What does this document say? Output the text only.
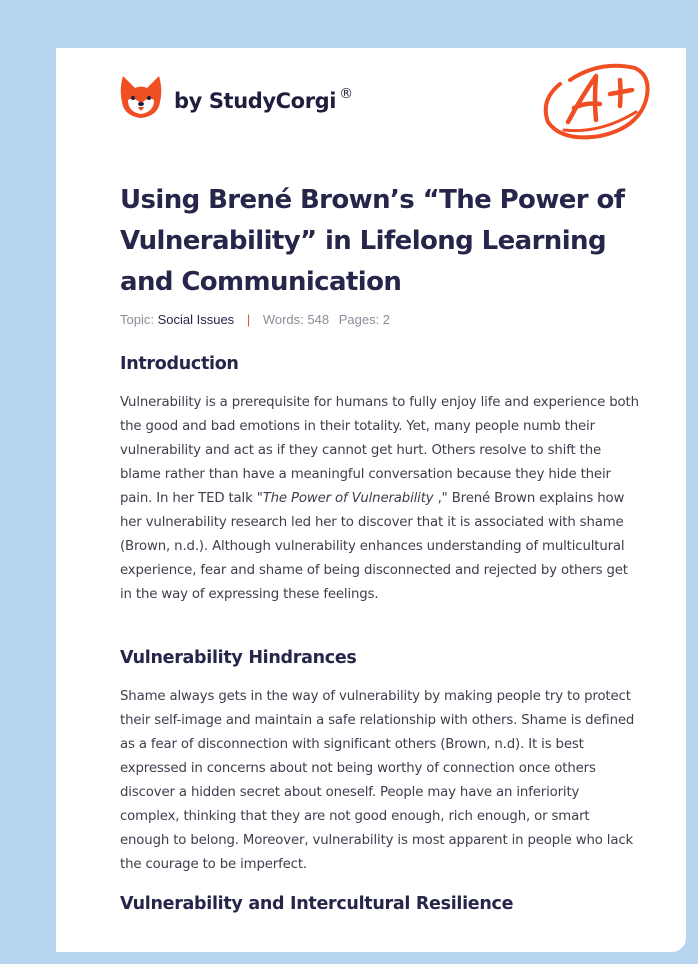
by StudyCorgi ®
Using Brené Brown’s “The Power of Vulnerability” in Lifelong Learning and Communication
Topic: Social Issues | Words: 548 Pages: 2
Introduction

Vulnerability is a prerequisite for humans to fully enjoy life and experience both the good and bad emotions in their totality. Yet, many people numb their vulnerability and act as if they cannot get hurt. Others resolve to shift the blame rather than have a meaningful conversation because they hide their pain. In her TED talk "The Power of Vulnerability ," Brené Brown explains how her vulnerability research led her to discover that it is associated with shame (Brown, n.d.). Although vulnerability enhances understanding of multicultural experience, fear and shame of being disconnected and rejected by others get in the way of expressing these feelings.

Vulnerability Hindrances

Shame always gets in the way of vulnerability by making people try to protect their self-image and maintain a safe relationship with others. Shame is defined as a fear of disconnection with significant others (Brown, n.d). It is best expressed in concerns about not being worthy of connection once others discover a hidden secret about oneself. People may have an inferiority complex, thinking that they are not good enough, rich enough, or smart enough to belong. Moreover, vulnerability is most apparent in people who lack the courage to be imperfect.

Vulnerability and Intercultural Resilience
